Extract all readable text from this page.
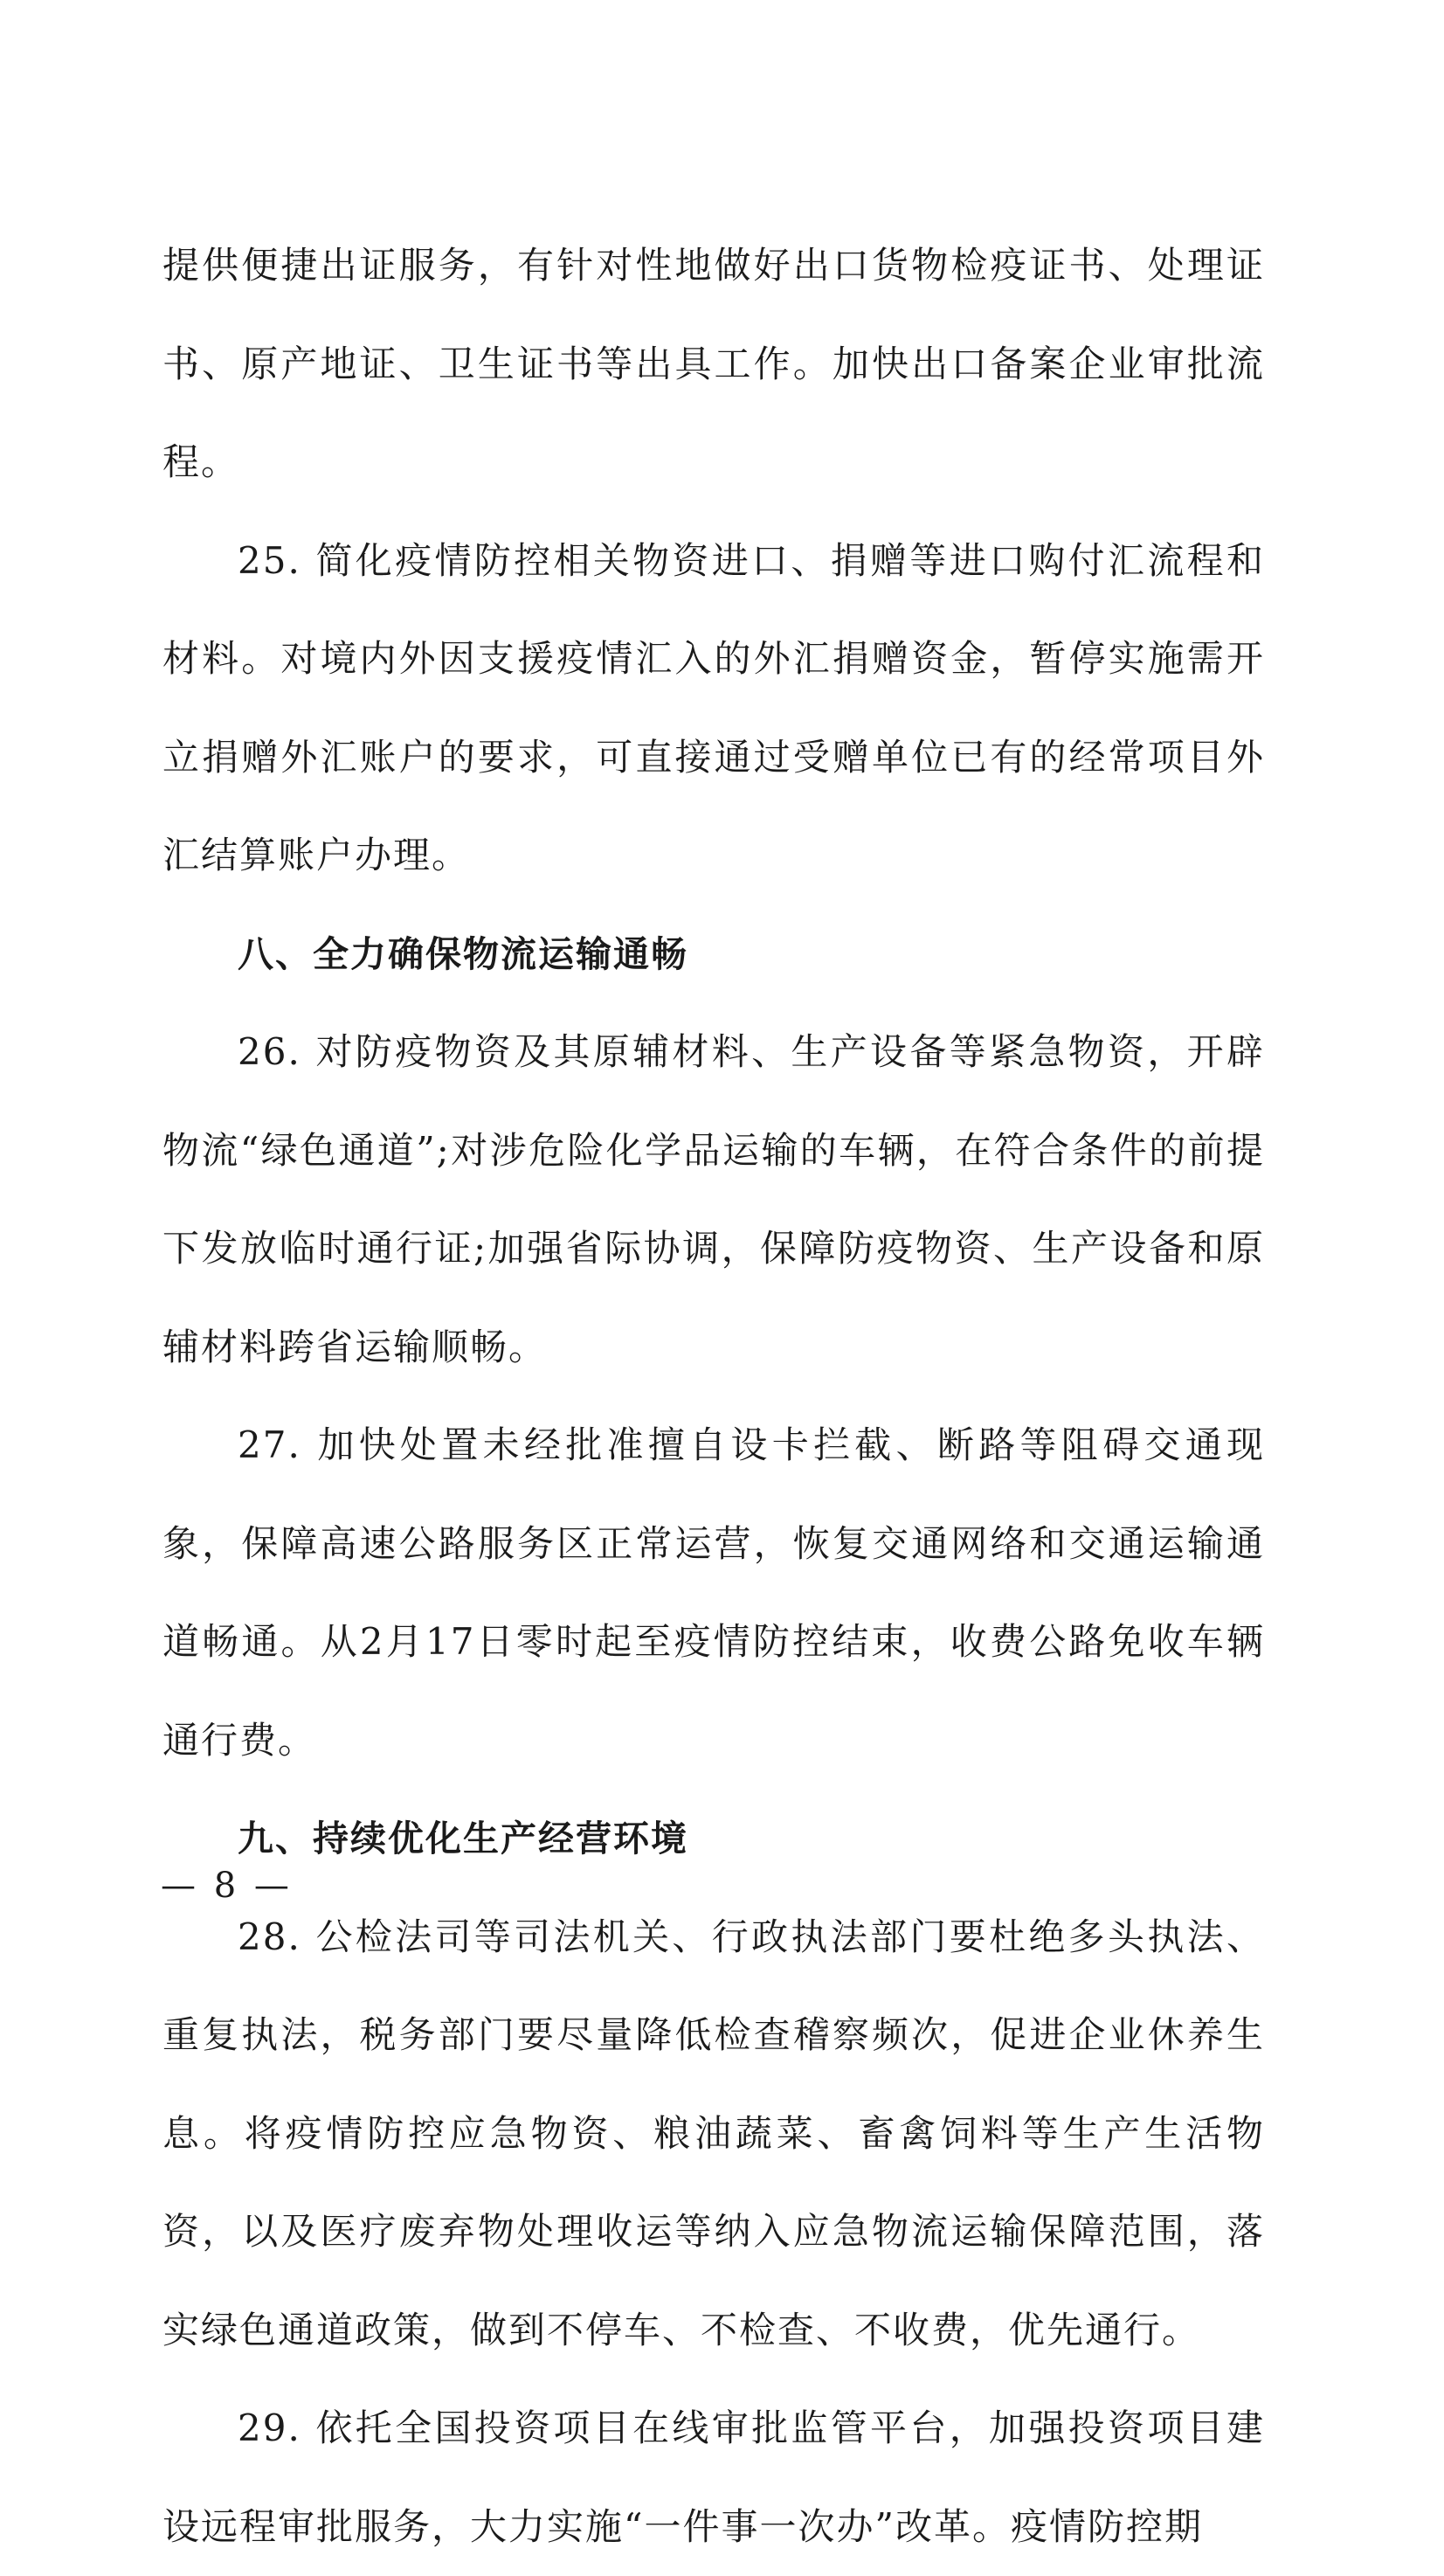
提供便捷出证服务，有针对性地做好出口货物检疫证书、处理证书、原产地证、卫生证书等出具工作。加快出口备案企业审批流程。

25. 简化疫情防控相关物资进口、捐赠等进口购付汇流程和材料。对境内外因支援疫情汇入的外汇捐赠资金，暂停实施需开立捐赠外汇账户的要求，可直接通过受赠单位已有的经常项目外汇结算账户办理。

八、全力确保物流运输通畅

26. 对防疫物资及其原辅材料、生产设备等紧急物资，开辟物流“绿色通道”;对涉危险化学品运输的车辆，在符合条件的前提下发放临时通行证;加强省际协调，保障防疫物资、生产设备和原辅材料跨省运输顺畅。

27. 加快处置未经批准擅自设卡拦截、断路等阻碍交通现象，保障高速公路服务区正常运营，恢复交通网络和交通运输通道畅通。从2月17日零时起至疫情防控结束，收费公路免收车辆通行费。

九、持续优化生产经营环境

28. 公检法司等司法机关、行政执法部门要杜绝多头执法、重复执法，税务部门要尽量降低检查稽察频次，促进企业休养生息。将疫情防控应急物资、粮油蔬菜、畜禽饲料等生产生活物资，以及医疗废弃物处理收运等纳入应急物流运输保障范围，落实绿色通道政策，做到不停车、不检查、不收费，优先通行。

29. 依托全国投资项目在线审批监管平台，加强投资项目建设远程审批服务，大力实施“一件事一次办”改革。疫情防控期

— 8 —
